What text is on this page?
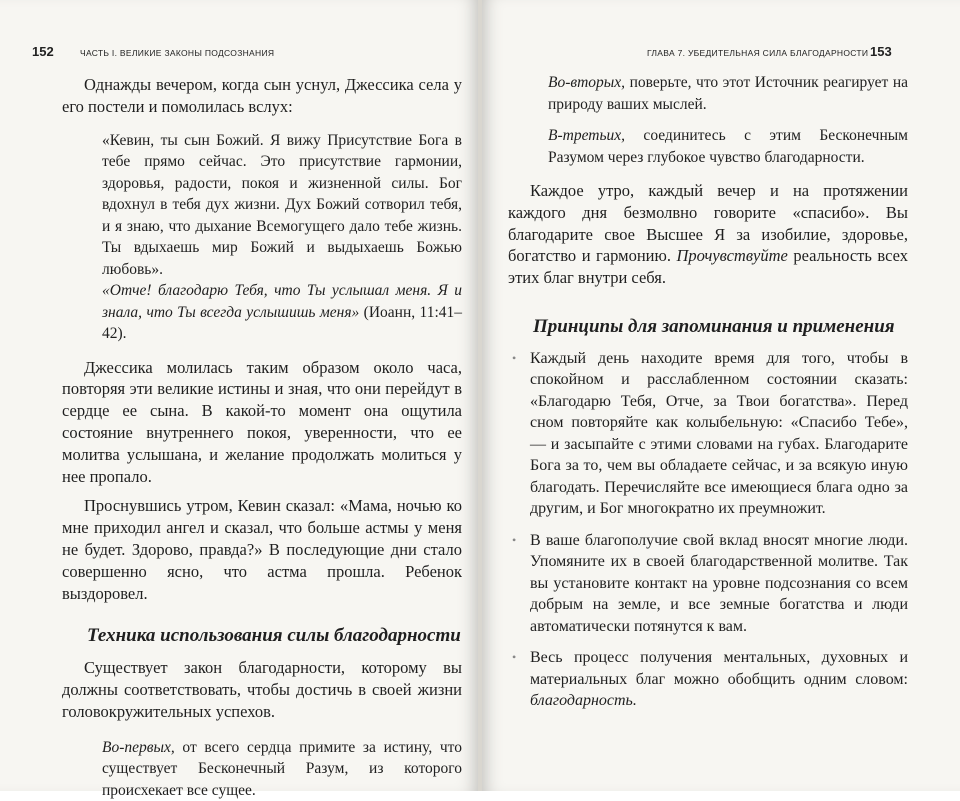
152	ЧАСТЬ I. ВЕЛИКИЕ ЗАКОНЫ ПОДСОЗНАНИЯ

Однажды вечером, когда сын уснул, Джессика села у его постели и помолилась вслух:

«Кевин, ты сын Божий. Я вижу Присутствие Бога в тебе прямо сейчас. Это присутствие гармонии, здоровья, радости, покоя и жизненной силы. Бог вдохнул в тебя дух жизни. Дух Божий сотворил тебя, и я знаю, что дыхание Всемогущего дало тебе жизнь. Ты вдыхаешь мир Божий и выдыхаешь Божью любовь».

«Отче! благодарю Тебя, что Ты услышал меня. Я и знала, что Ты всегда услышишь меня» (Иоанн, 11:41–42).

Джессика молилась таким образом около часа, повторяя эти великие истины и зная, что они перейдут в сердце ее сына. В какой-то момент она ощутила состояние внутреннего покоя, уверенности, что ее молитва услышана, и желание продолжать молиться у нее пропало.

Проснувшись утром, Кевин сказал: «Мама, ночью ко мне приходил ангел и сказал, что больше астмы у меня не будет. Здорово, правда?» В последующие дни стало совершенно ясно, что астма прошла. Ребенок выздоровел.

Техника использования силы благодарности

Существует закон благодарности, которому вы должны соответствовать, чтобы достичь в своей жизни головокружительных успехов.

Во-первых, от всего сердца примите за истину, что существует Бесконечный Разум, из которого происхекает все сущее.
ГЛАВА 7. УБЕДИТЕЛЬНАЯ СИЛА БЛАГОДАРНОСТИ 153
Во-вторых, поверьте, что этот Источник реагирует на природу ваших мыслей.
В-третьих, соединитесь с этим Бесконечным Разумом через глубокое чувство благодарности.

Каждое утро, каждый вечер и на протяжении каждого дня безмолвно говорите «спасибо». Вы благодарите свое Высшее Я за изобилие, здоровье, богатство и гармонию. Прочувствуйте реальность всех этих благ внутри себя.

Принципы для запоминания и применения
• Каждый день находите время для того, чтобы в спокойном и расслабленном состоянии сказать: «Благодарю Тебя, Отче, за Твои богатства». Перед сном повторяйте как колыбельную: «Спасибо Тебе», — и засыпайте с этими словами на губах. Благодарите Бога за то, чем вы обладаете сейчас, и за всякую иную благодать. Перечисляйте все имеющиеся блага одно за другим, и Бог многократно их преумножит.
• В ваше благополучие свой вклад вносят многие люди. Упомяните их в своей благодарственной молитве. Так вы установите контакт на уровне подсознания со всем добрым на земле, и все земные богатства и люди автоматически потянутся к вам.
• Весь процесс получения ментальных, духовных и материальных благ можно обобщить одним словом: благодарность.
